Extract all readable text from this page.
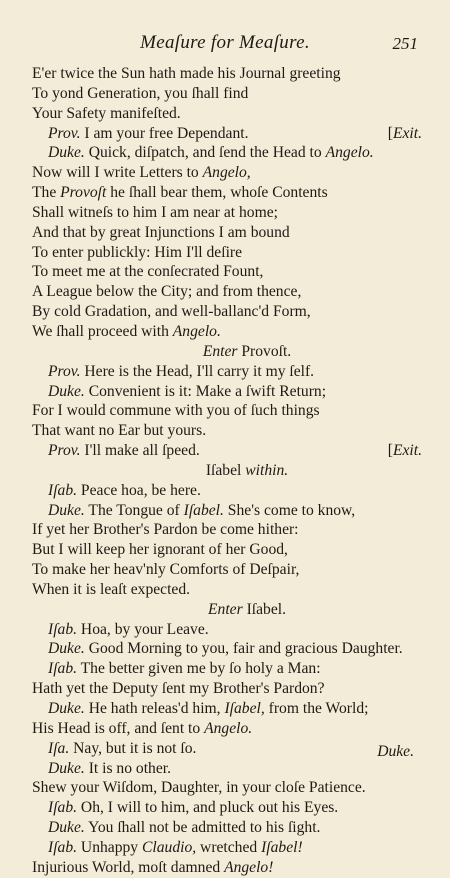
Meaſure for Meaſure.	251
E'er twice the Sun hath made his Journal greeting
To yond Generation, you ſhall find
Your Safety manifeſted.
Prov. I am your free Dependant.	[Exit.
Duke. Quick, diſpatch, and ſend the Head to Angelo.
Now will I write Letters to Angelo,
The Provoſt he ſhall bear them, whoſe Contents
Shall witneſs to him I am near at home;
And that by great Injunctions I am bound
To enter publickly: Him I'll deſire
To meet me at the conſecrated Fount,
A League below the City; and from thence,
By cold Gradation, and well-ballanc'd Form,
We ſhall proceed with Angelo.
Enter Provoſt.
Prov. Here is the Head, I'll carry it my ſelf.
Duke. Convenient is it: Make a ſwift Return;
For I would commune with you of ſuch things
That want no Ear but yours.
Prov. I'll make all ſpeed.	[Exit.
Iſabel within.
Iſab. Peace hoa, be here.
Duke. The Tongue of Iſabel. She's come to know,
If yet her Brother's Pardon be come hither:
But I will keep her ignorant of her Good,
To make her heav'nly Comforts of Deſpair,
When it is leaſt expected.
Enter Iſabel.
Iſab. Hoa, by your Leave.
Duke. Good Morning to you, fair and gracious Daughter.
Iſab. The better given me by ſo holy a Man:
Hath yet the Deputy ſent my Brother's Pardon?
Duke. He hath releas'd him, Iſabel, from the World;
His Head is off, and ſent to Angelo.
Iſa. Nay, but it is not ſo.
Duke. It is no other.
Shew your Wiſdom, Daughter, in your cloſe Patience.
Iſab. Oh, I will to him, and pluck out his Eyes.
Duke. You ſhall not be admitted to his ſight.
Iſab. Unhappy Claudio, wretched Iſabel!
Injurious World, moſt damned Angelo!
Duke.
